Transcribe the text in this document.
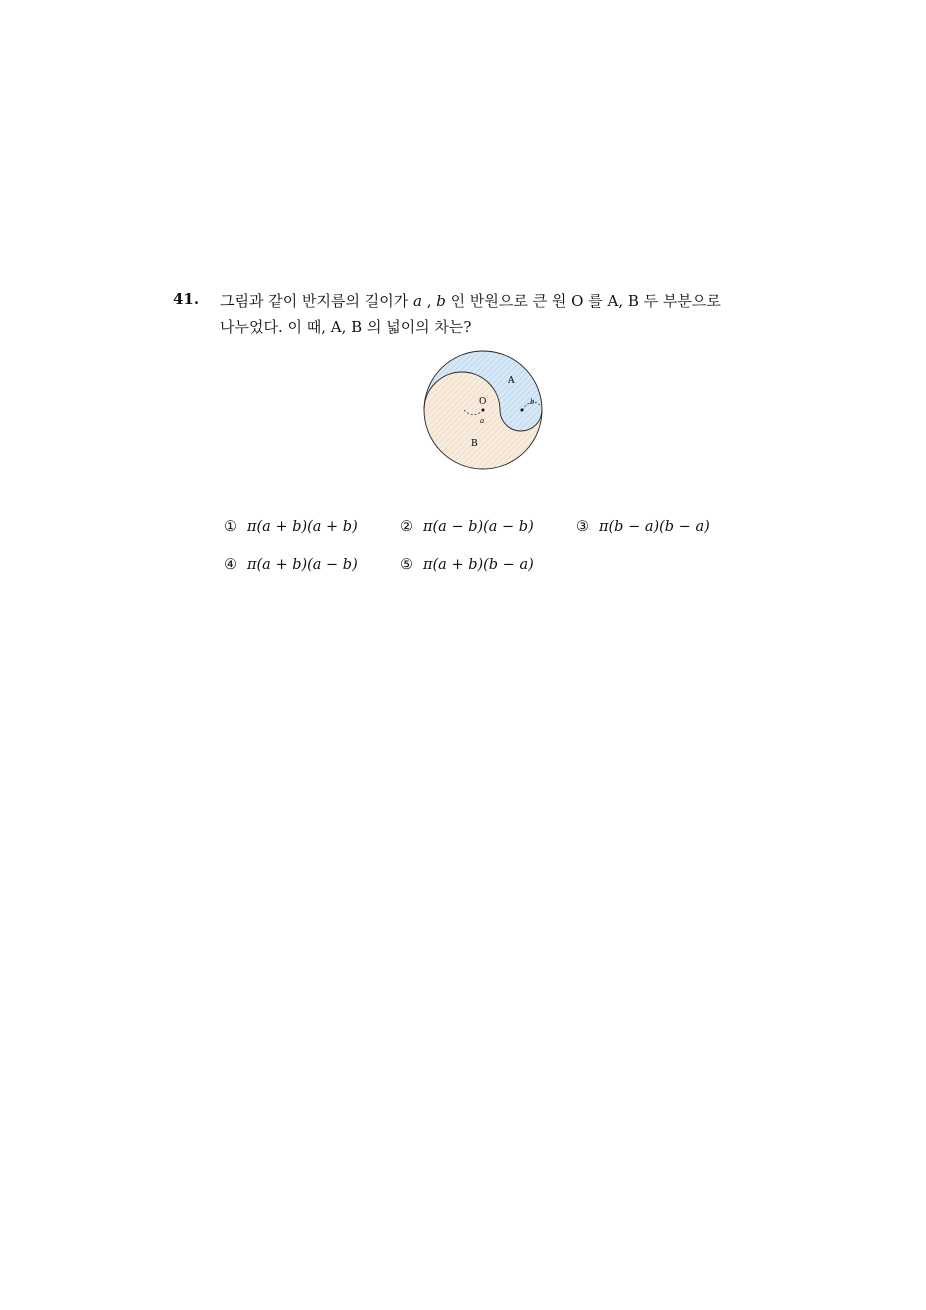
41. 그림과 같이 반지름의 길이가 a , b 인 반원으로 큰 원 O 를 A, B 두 부분으로
나누었다. 이 때, A, B 의 넓이의 차는?
O
a
b
A
B
① π(a + b)(a + b)	② π(a − b)(a − b)	③ π(b − a)(b − a)
④ π(a + b)(a − b)	⑤ π(a + b)(b − a)
